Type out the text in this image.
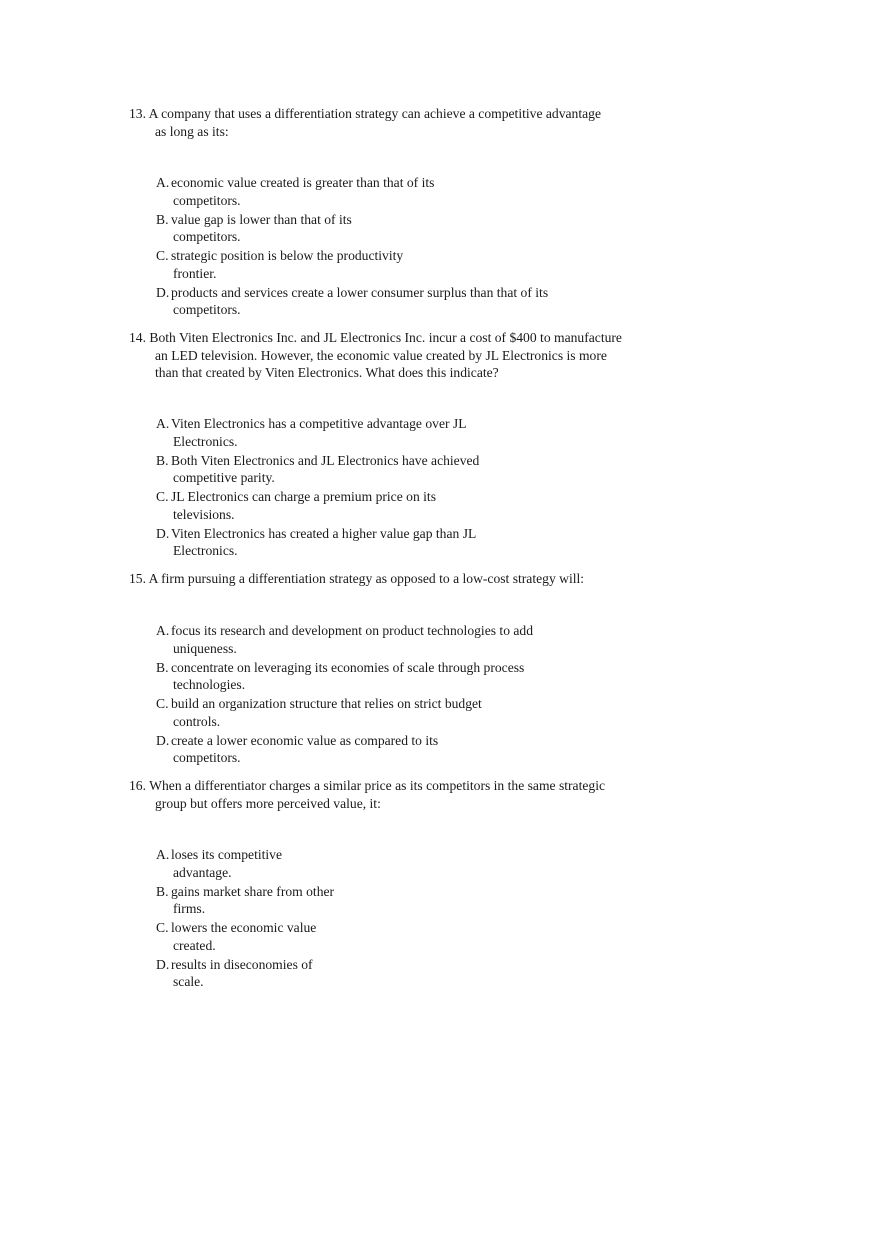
13. A company that uses a differentiation strategy can achieve a competitive advantage
as long as its:
A. economic value created is greater than that of its
competitors.
B. value gap is lower than that of its
competitors.
C. strategic position is below the productivity
frontier.
D. products and services create a lower consumer surplus than that of its
competitors.
14. Both Viten Electronics Inc. and JL Electronics Inc. incur a cost of $400 to manufacture
an LED television. However, the economic value created by JL Electronics is more
than that created by Viten Electronics. What does this indicate?
A. Viten Electronics has a competitive advantage over JL
Electronics.
B. Both Viten Electronics and JL Electronics have achieved
competitive parity.
C. JL Electronics can charge a premium price on its
televisions.
D. Viten Electronics has created a higher value gap than JL
Electronics.
15. A firm pursuing a differentiation strategy as opposed to a low-cost strategy will:
A. focus its research and development on product technologies to add
uniqueness.
B. concentrate on leveraging its economies of scale through process
technologies.
C. build an organization structure that relies on strict budget
controls.
D. create a lower economic value as compared to its
competitors.
16. When a differentiator charges a similar price as its competitors in the same strategic
group but offers more perceived value, it:
A. loses its competitive
advantage.
B. gains market share from other
firms.
C. lowers the economic value
created.
D. results in diseconomies of
scale.
